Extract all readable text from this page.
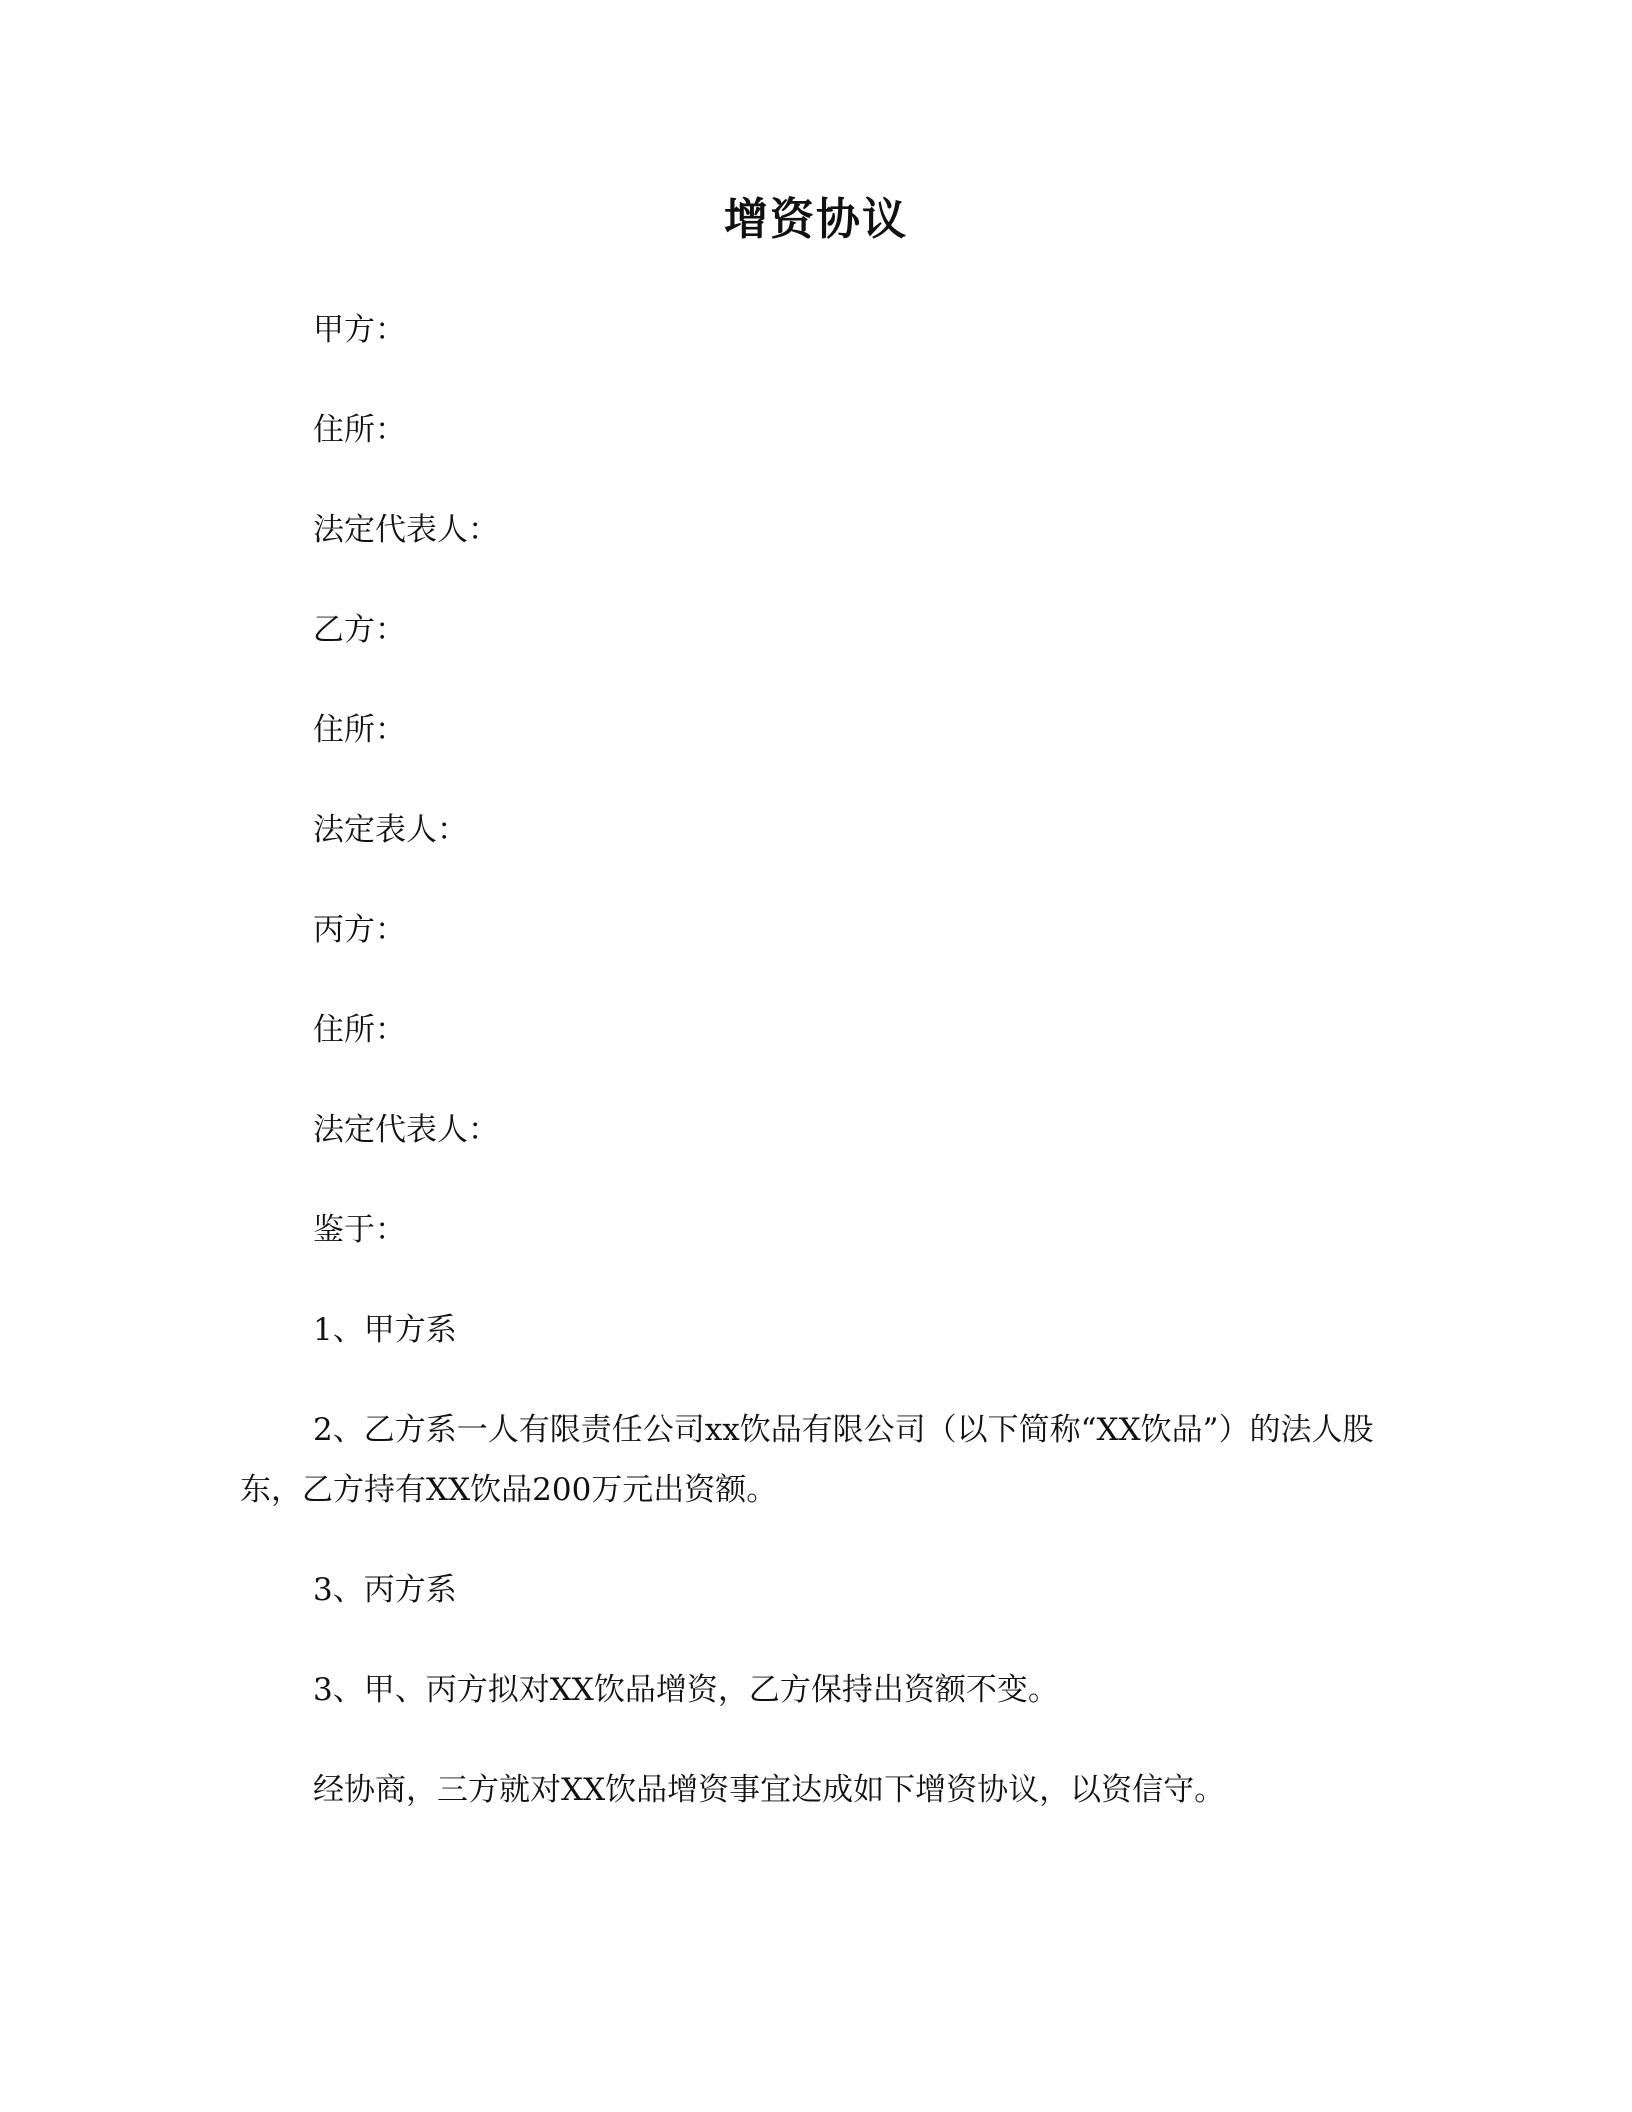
增资协议
甲方：
住所：
法定代表人：
乙方：
住所：
法定表人：
丙方：
住所：
法定代表人：
鉴于：
1、甲方系
2、乙方系一人有限责任公司xx饮品有限公司（以下简称“XX饮品”）的法人股东，乙方持有XX饮品200万元出资额。
3、丙方系
3、甲、丙方拟对XX饮品增资，乙方保持出资额不变。
经协商，三方就对XX饮品增资事宜达成如下增资协议，以资信守。
